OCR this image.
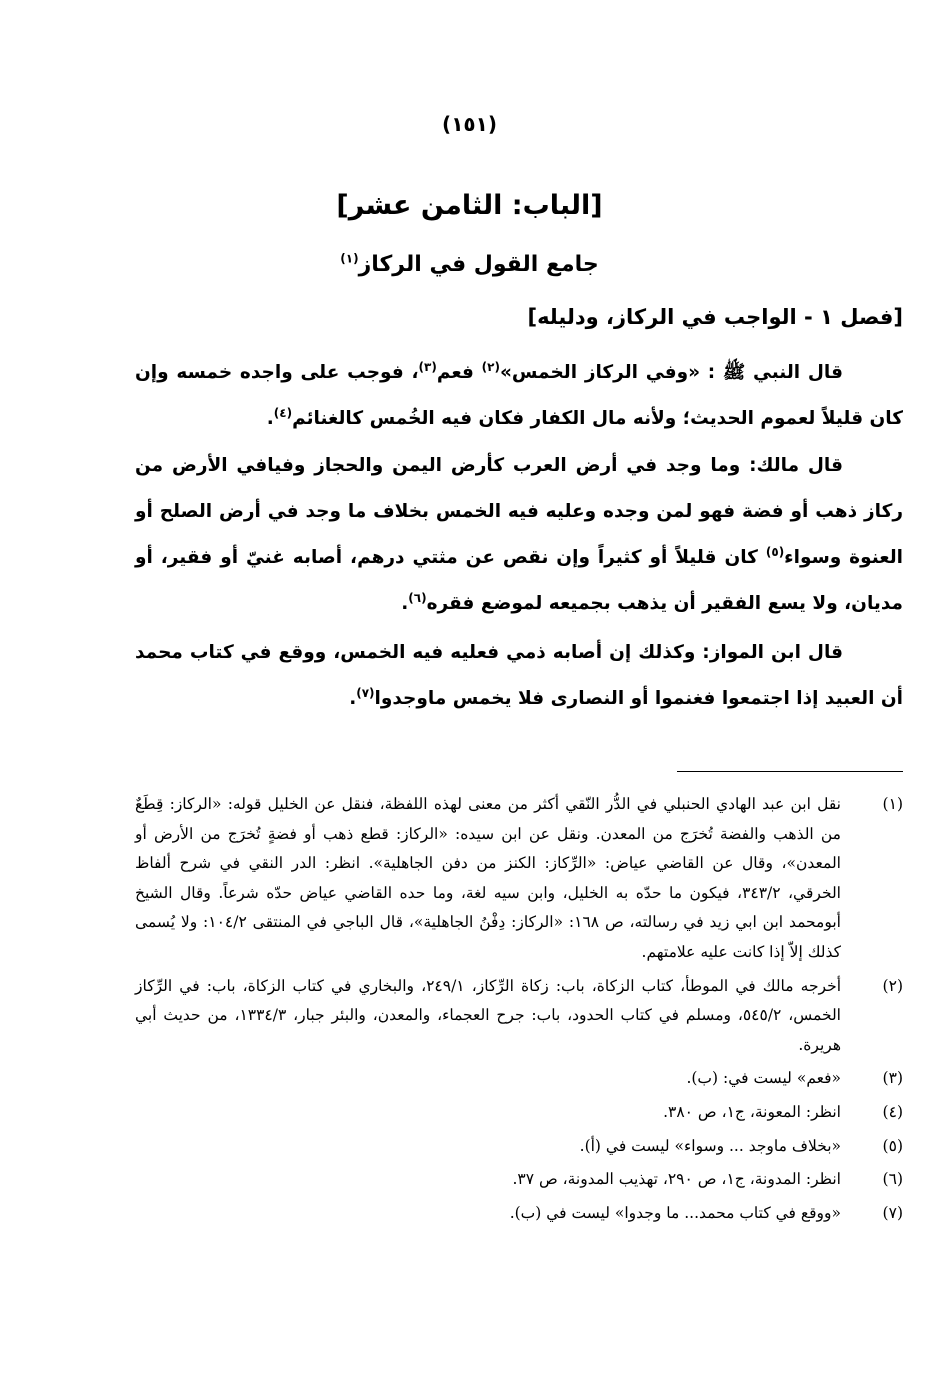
(١٥١)
[الباب: الثامن عشر]
جامع القول في الركاز$^{(١)}$
[فصل ١ - الواجب في الركاز، ودليله]

قال النبي ﷺ : «وفي الركاز الخمس»$^{(٢)}$ فعم$^{(٣)}$، فوجب على واجده خمسه وإن كان قليلاً لعموم الحديث؛ ولأنه مال الكفار فكان فيه الخُمس كالغنائم$^{(٤)}$.

قال مالك: وما وجد في أرض العرب كأرض اليمن والحجاز وفيافي الأرض من ركاز ذهب أو فضة فهو لمن وجده وعليه فيه الخمس بخلاف ما وجد في أرض الصلح أو العنوة وسواء$^{(٥)}$ كان قليلاً أو كثيراً وإن نقص عن مثتي درهم، أصابه غنيّ أو فقير، أو مديان، ولا يسع الفقير أن يذهب بجميعه لموضع فقره$^{(٦)}$.

قال ابن المواز: وكذلك إن أصابه ذمي فعليه فيه الخمس، ووقع في كتاب محمد أن العبيد إذا اجتمعوا فغنموا أو النصارى فلا يخمس ماوجدوا$^{(٧)}$.

(١)
نقل ابن عبد الهادي الحنبلي في الدُّر النّقي أكثر من معنى لهذه اللفظة، فنقل عن الخليل قوله: «الركاز: قِطَعٌ من الذهب والفضة تُخرَج من المعدن. ونقل عن ابن سيده: «الركاز: قطع ذهب أو فضةٍ تُخرَج من الأرض أو المعدن»، وقال عن القاضي عياض: «الرِّكاز: الكنز من دفن الجاهلية». انظر: الدر النقي في شرح ألفاظ الخرقي، ٣٤٣/٢، فيكون ما حدّه به الخليل، وابن سيه لغة، وما حده القاضي عياض حدّه شرعاً. وقال الشيخ أبومحمد ابن ابي زيد في رسالته، ص ١٦٨: «الركاز: دِفْنُ الجاهلية»، قال الباجي في المنتقى ١٠٤/٢: ولا يُسمى كذلك إلاّ إذا كانت عليه علامتهم.
(٢)
أخرجه مالك في الموطأ، كتاب الزكاة، باب: زكاة الرِّكاز، ٢٤٩/١، والبخاري في كتاب الزكاة، باب: في الرِّكاز الخمس، ٥٤٥/٢، ومسلم في كتاب الحدود، باب: جرح العجماء، والمعدن، والبئر جبار، ١٣٣٤/٣، من حديث أبي هريرة.
(٣)
«فعم» ليست في: (ب).
(٤)
انظر: المعونة، ج١، ص ٣٨٠.
(٥)
«بخلاف ماوجد ... وسواء» ليست في (أ).
(٦)
انظر: المدونة، ج١، ص ٢٩٠، تهذيب المدونة، ص ٣٧.
(٧)
«ووقع في كتاب محمد... ما وجدوا» ليست في (ب).
